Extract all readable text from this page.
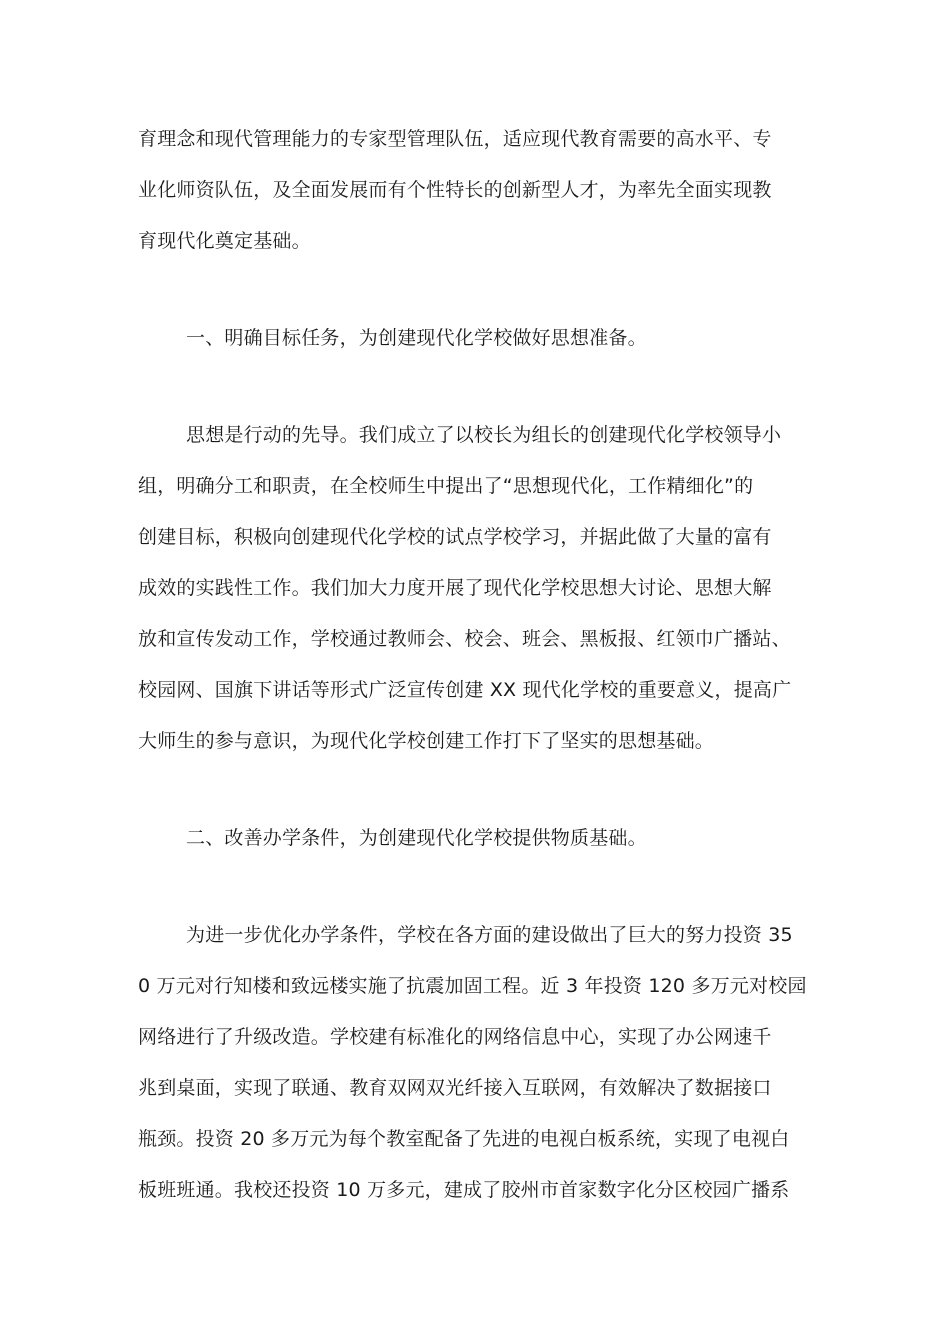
育理念和现代管理能力的专家型管理队伍，适应现代教育需要的高水平、专
业化师资队伍，及全面发展而有个性特长的创新型人才，为率先全面实现教
育现代化奠定基础。
一、明确目标任务，为创建现代化学校做好思想准备。
思想是行动的先导。我们成立了以校长为组长的创建现代化学校领导小
组，明确分工和职责，在全校师生中提出了“思想现代化，工作精细化”的
创建目标，积极向创建现代化学校的试点学校学习，并据此做了大量的富有
成效的实践性工作。我们加大力度开展了现代化学校思想大讨论、思想大解
放和宣传发动工作，学校通过教师会、校会、班会、黑板报、红领巾广播站、
校园网、国旗下讲话等形式广泛宣传创建 XX 现代化学校的重要意义，提高广
大师生的参与意识，为现代化学校创建工作打下了坚实的思想基础。
二、改善办学条件，为创建现代化学校提供物质基础。
为进一步优化办学条件，学校在各方面的建设做出了巨大的努力投资 35
0 万元对行知楼和致远楼实施了抗震加固工程。近 3 年投资 120 多万元对校园
网络进行了升级改造。学校建有标准化的网络信息中心，实现了办公网速千
兆到桌面，实现了联通、教育双网双光纤接入互联网，有效解决了数据接口
瓶颈。投资 20 多万元为每个教室配备了先进的电视白板系统，实现了电视白
板班班通。我校还投资 10 万多元，建成了胶州市首家数字化分区校园广播系
